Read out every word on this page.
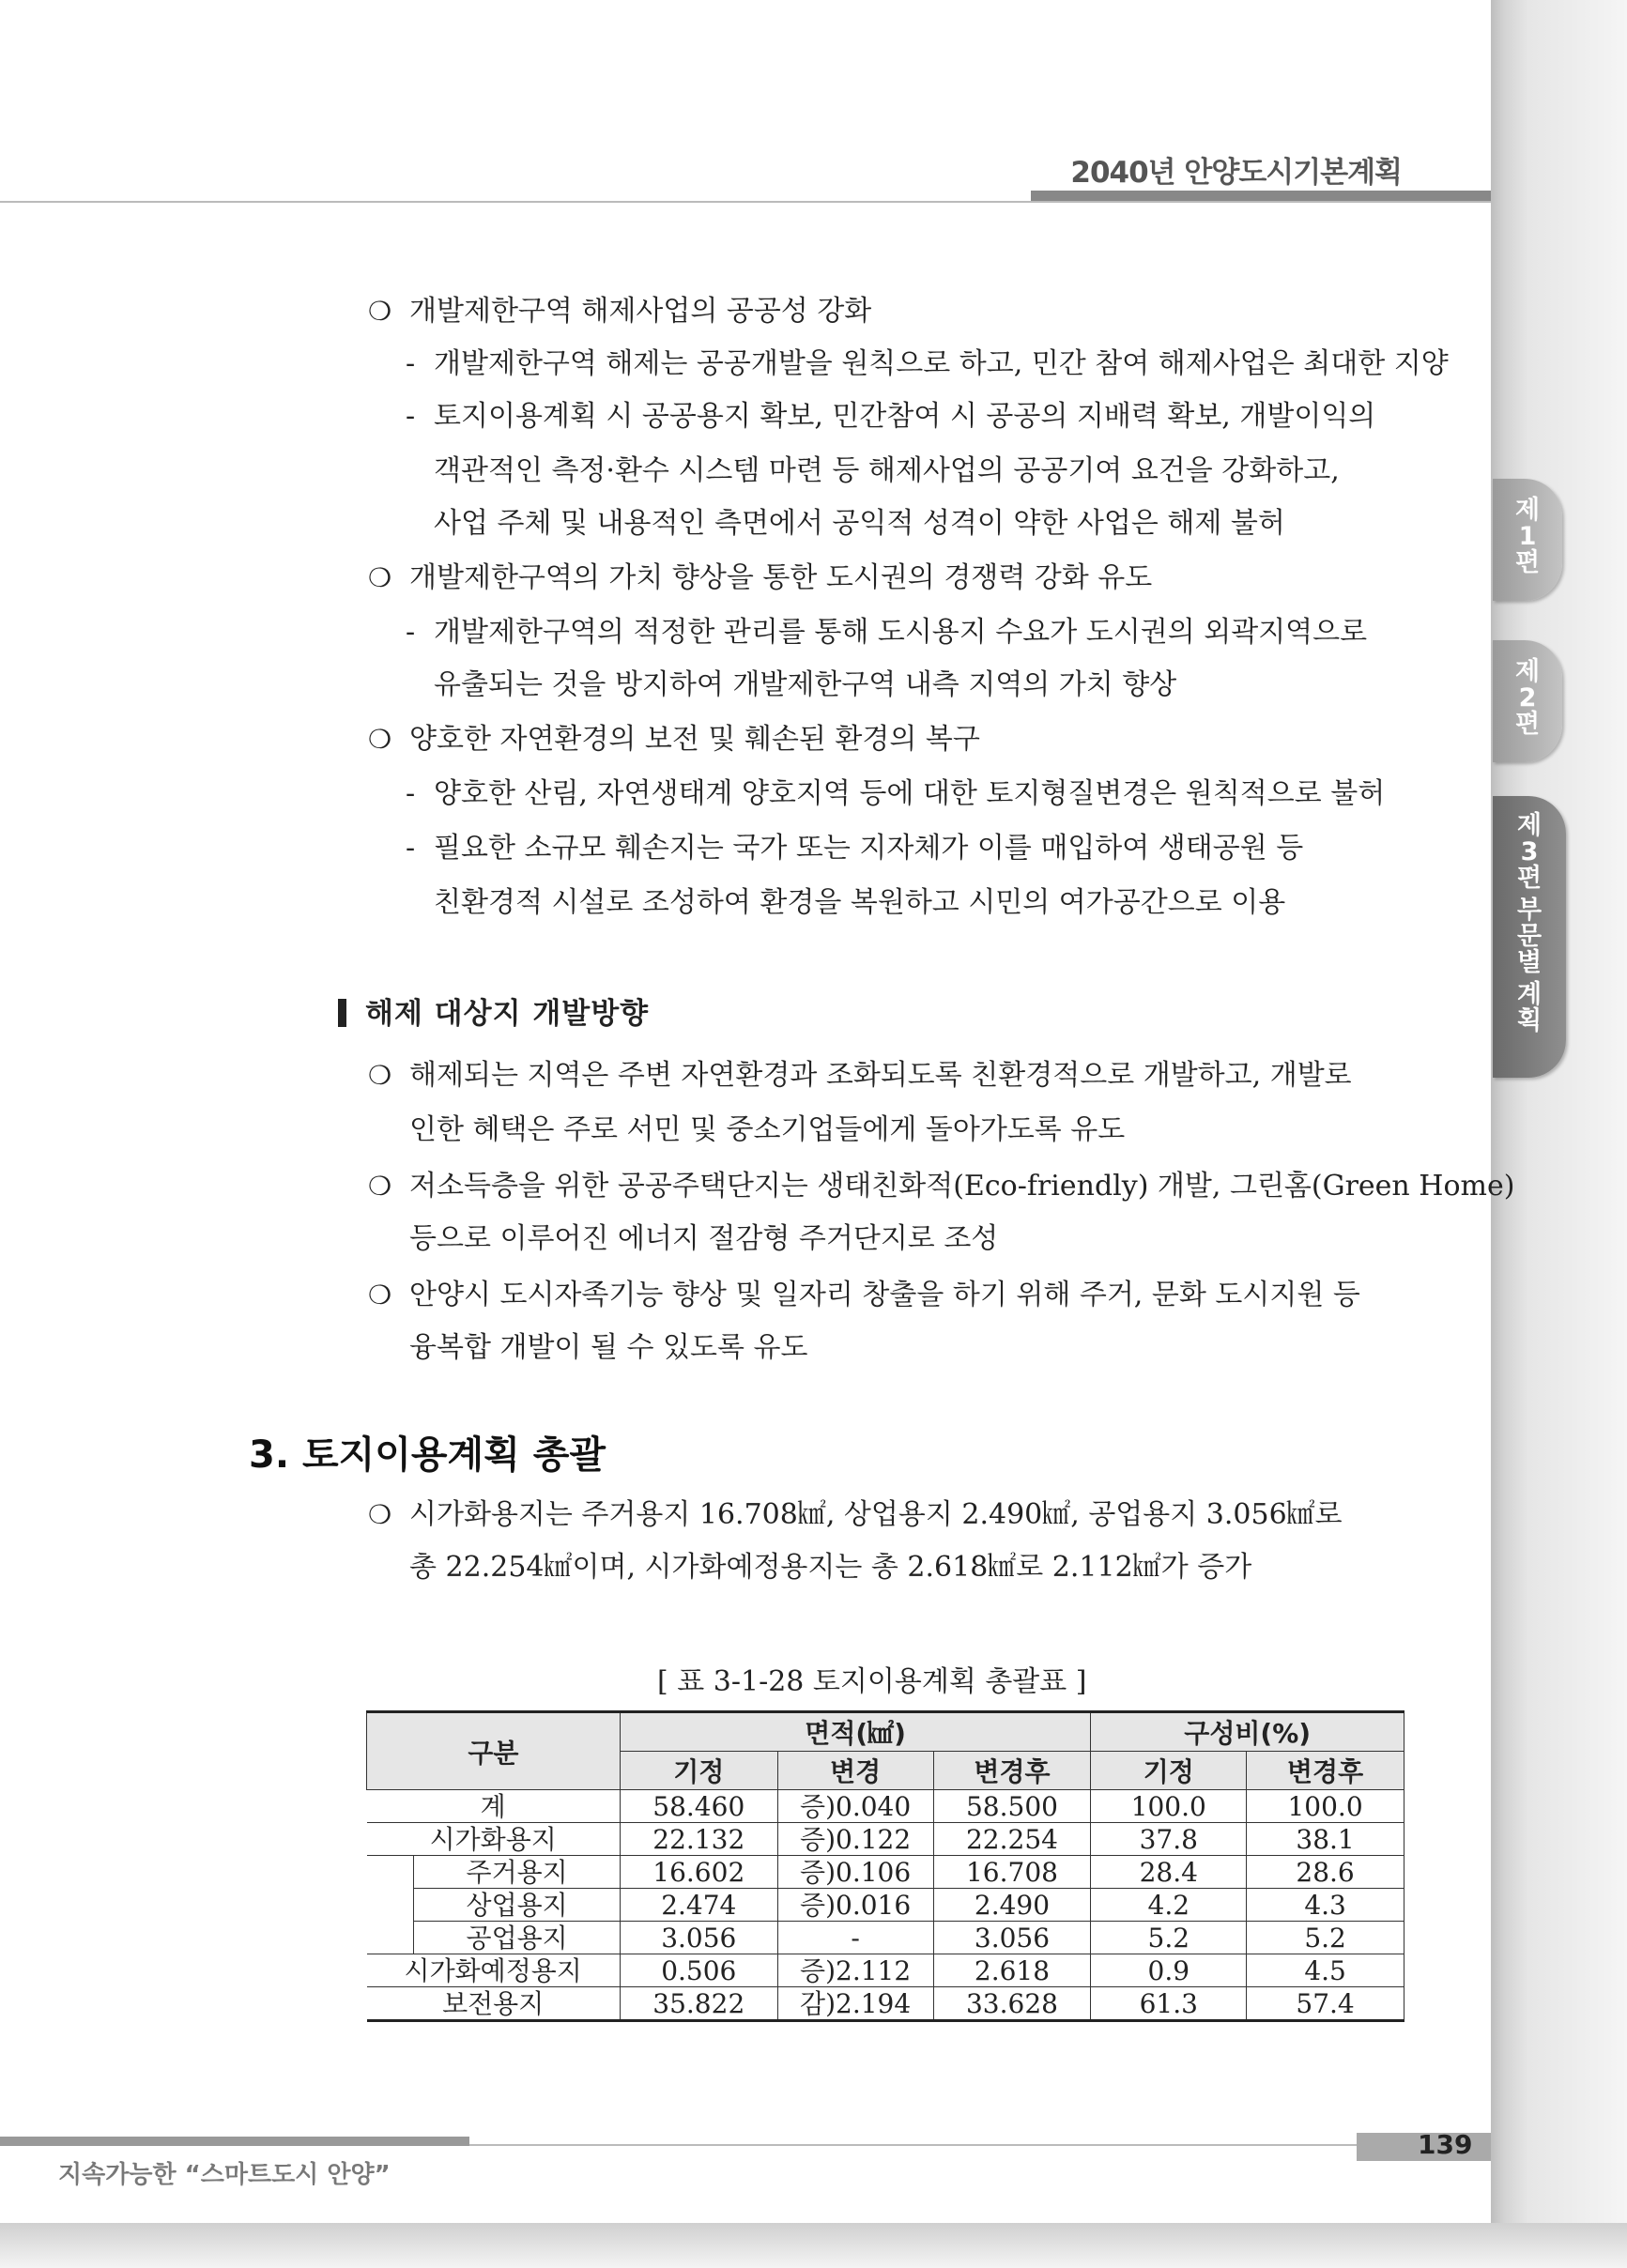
2040년 안양도시기본계획
해제 대상지 개발방향
3. 토지이용계획 총괄
[ 표 3-1-28 토지이용계획 총괄표 ]
구분		면적(㎢)			구성비(%)	
		기정	변경	변경후	기정	변경후
계		58.460	증)0.040	58.500	100.0	100.0
시가화용지		22.132	증)0.122	22.254	37.8	38.1
	주거용지	16.602	증)0.106	16.708	28.4	28.6
	상업용지	2.474	증)0.016	2.490	4.2	4.3
	공업용지	3.056	-	3.056	5.2	5.2
시가화예정용지		0.506	증)2.112	2.618	0.9	4.5
보전용지		35.822	감)2.194	33.628	61.3	57.4
❍ 개발제한구역 해제사업의 공공성 강화
- 개발제한구역 해제는 공공개발을 원칙으로 하고, 민간 참여 해제사업은 최대한 지양
- 토지이용계획 시 공공용지 확보, 민간참여 시 공공의 지배력 확보, 개발이익의
객관적인 측정·환수 시스템 마련 등 해제사업의 공공기여 요건을 강화하고,
사업 주체 및 내용적인 측면에서 공익적 성격이 약한 사업은 해제 불허
❍ 개발제한구역의 가치 향상을 통한 도시권의 경쟁력 강화 유도
- 개발제한구역의 적정한 관리를 통해 도시용지 수요가 도시권의 외곽지역으로
유출되는 것을 방지하여 개발제한구역 내측 지역의 가치 향상
❍ 양호한 자연환경의 보전 및 훼손된 환경의 복구
- 양호한 산림, 자연생태계 양호지역 등에 대한 토지형질변경은 원칙적으로 불허
- 필요한 소규모 훼손지는 국가 또는 지자체가 이를 매입하여 생태공원 등
친환경적 시설로 조성하여 환경을 복원하고 시민의 여가공간으로 이용
❍ 해제되는 지역은 주변 자연환경과 조화되도록 친환경적으로 개발하고, 개발로
인한 혜택은 주로 서민 및 중소기업들에게 돌아가도록 유도
❍ 저소득층을 위한 공공주택단지는 생태친화적(Eco-friendly) 개발, 그린홈(Green Home)
등으로 이루어진 에너지 절감형 주거단지로 조성
❍ 안양시 도시자족기능 향상 및 일자리 창출을 하기 위해 주거, 문화 도시지원 등
융복합 개발이 될 수 있도록 유도
❍ 시가화용지는 주거용지 16.708㎢, 상업용지 2.490㎢, 공업용지 3.056㎢로
총 22.254㎢이며, 시가화예정용지는 총 2.618㎢로 2.112㎢가 증가
139
지속가능한 “스마트도시 안양”
제
1
편
제
2
편
제
3
편
부
문
별
계
획
